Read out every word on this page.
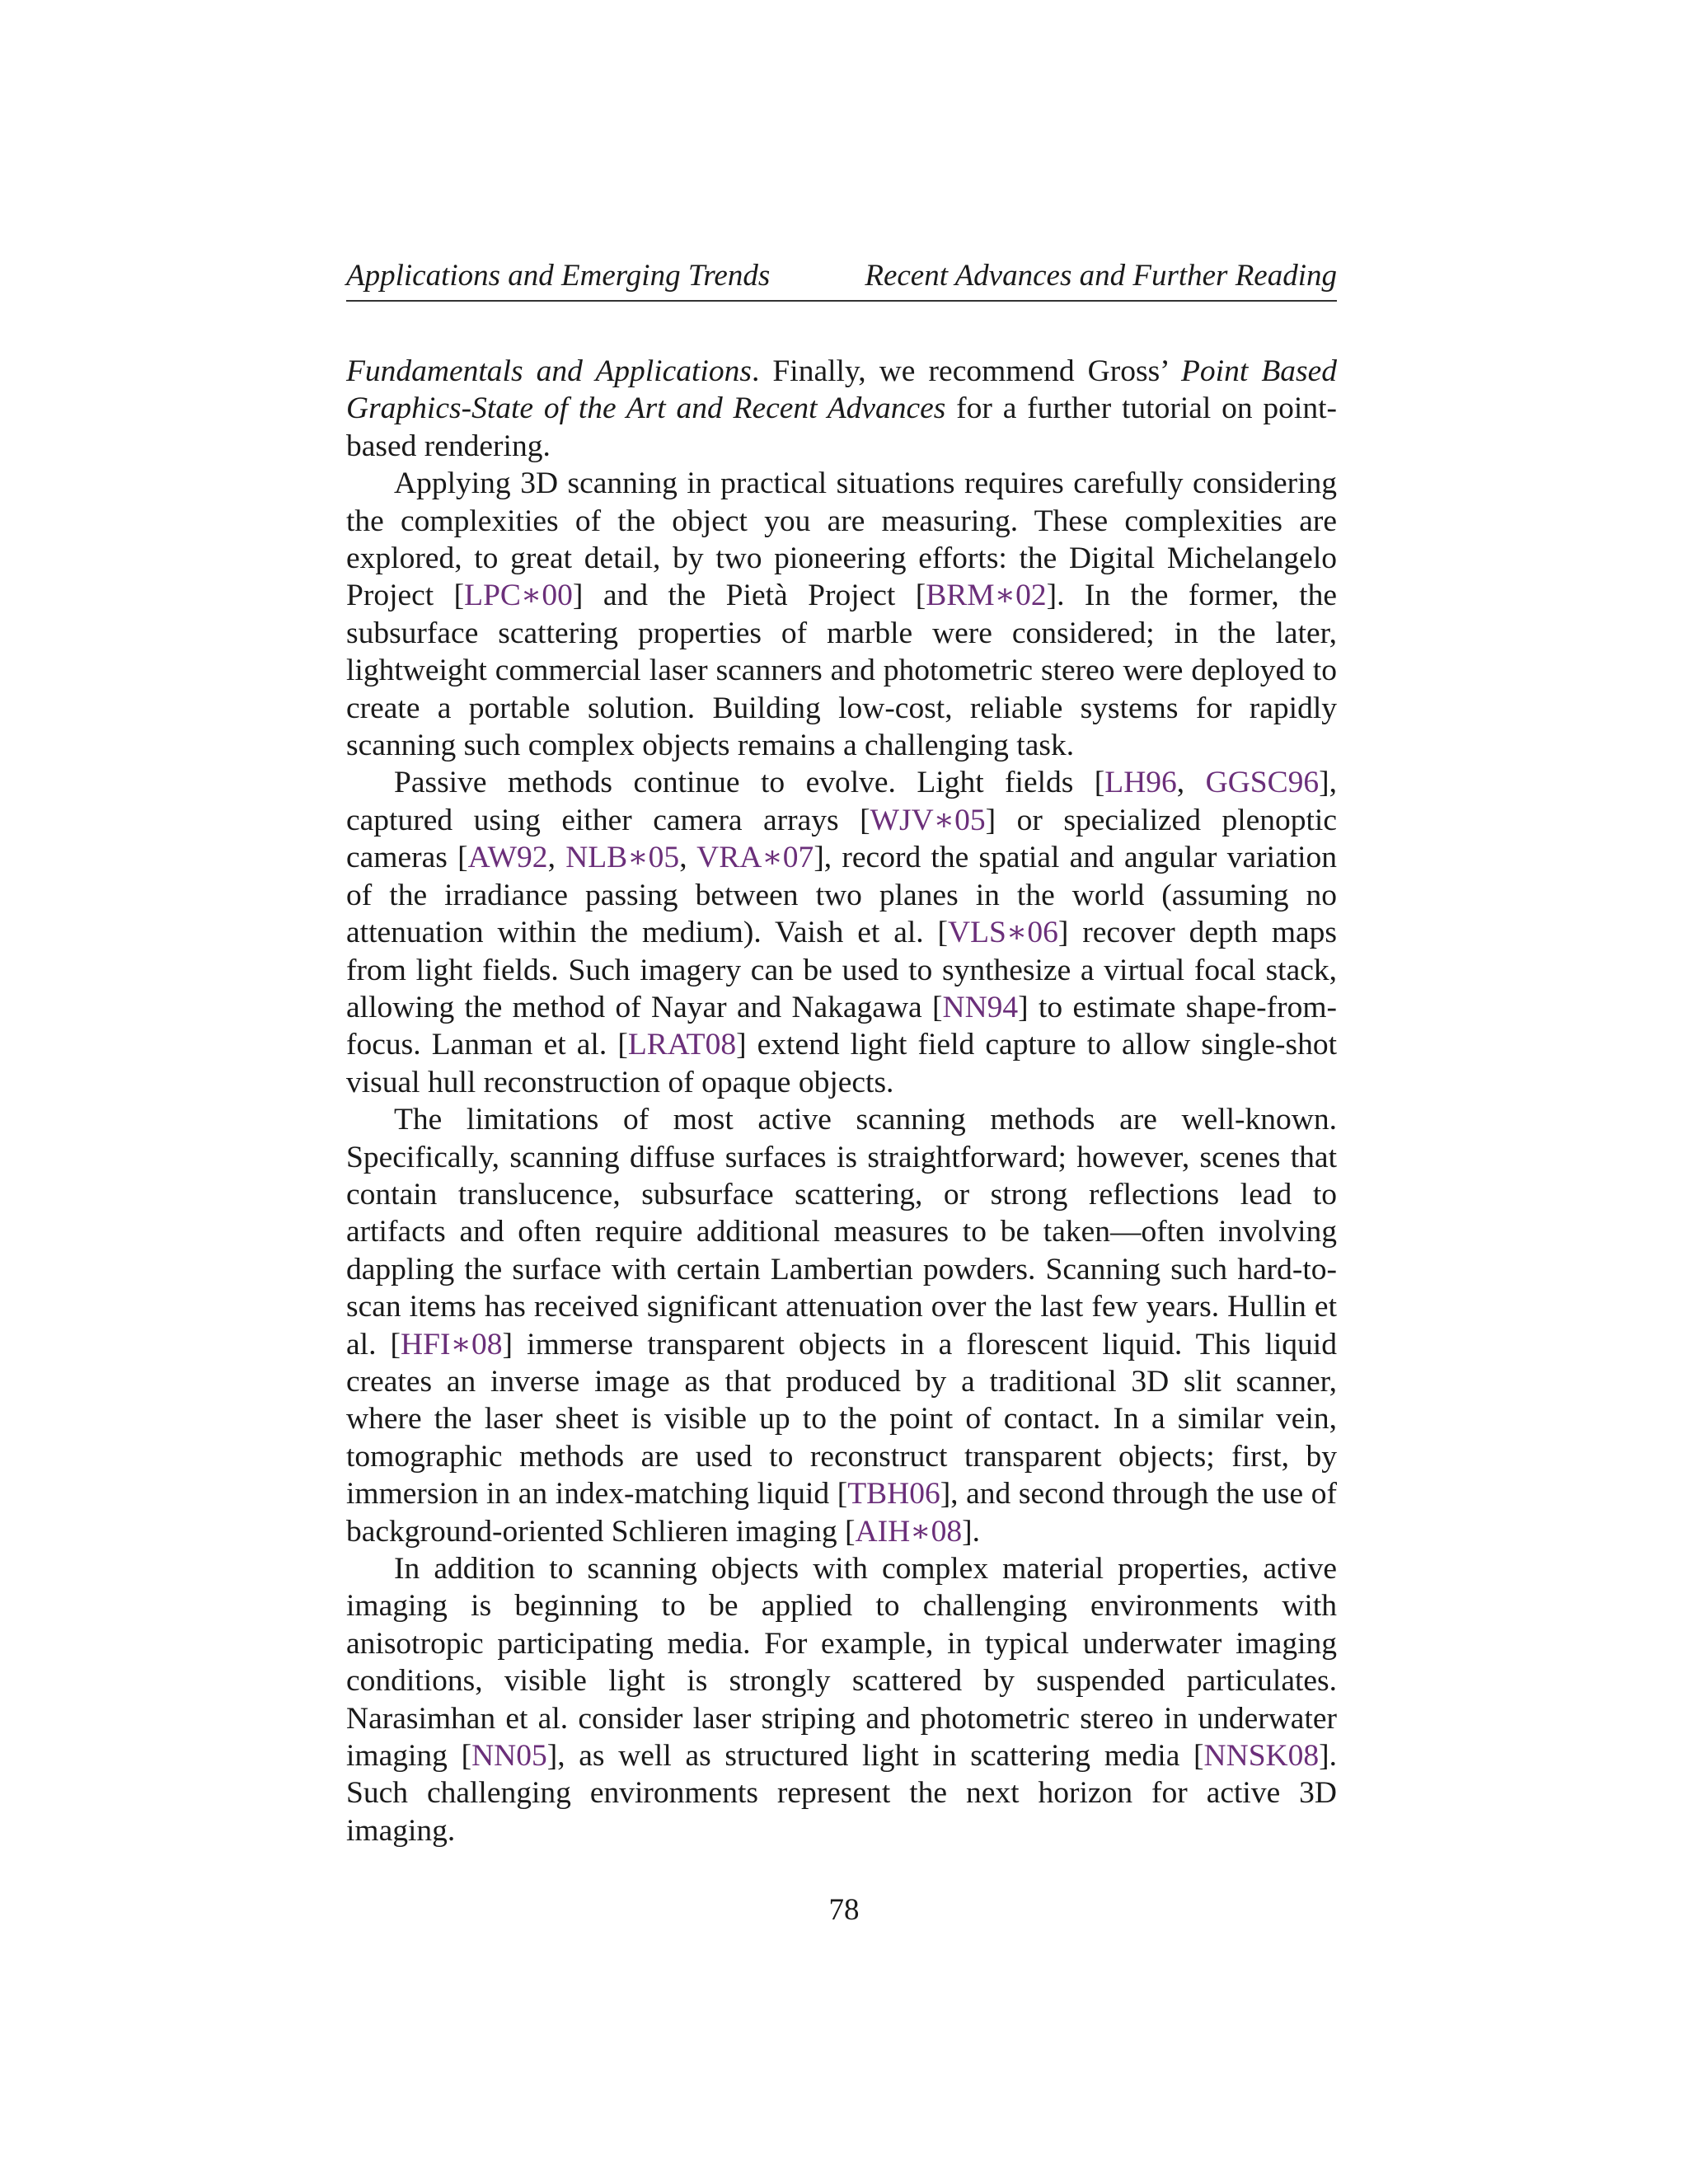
Applications and Emerging Trends	Recent Advances and Further Reading

Fundamentals and Applications. Finally, we recommend Gross’ Point Based Graphics-State of the Art and Recent Advances for a further tutorial on point-based rendering.

Applying 3D scanning in practical situations requires carefully considering the complexities of the object you are measuring. These complexities are explored, to great detail, by two pioneering efforts: the Digital Michelangelo Project [LPC∗00] and the Pietà Project [BRM∗02]. In the former, the subsurface scattering properties of marble were considered; in the later, lightweight commercial laser scanners and photometric stereo were deployed to create a portable solution. Building low-cost, reliable systems for rapidly scanning such complex objects remains a challenging task.

Passive methods continue to evolve. Light fields [LH96, GGSC96], captured using either camera arrays [WJV∗05] or specialized plenoptic cameras [AW92, NLB∗05, VRA∗07], record the spatial and angular variation of the irradiance passing between two planes in the world (assuming no attenuation within the medium). Vaish et al. [VLS∗06] recover depth maps from light fields. Such imagery can be used to synthesize a virtual focal stack, allowing the method of Nayar and Nakagawa [NN94] to estimate shape-from-focus. Lanman et al. [LRAT08] extend light field capture to allow single-shot visual hull reconstruction of opaque objects.

The limitations of most active scanning methods are well-known. Specifically, scanning diffuse surfaces is straightforward; however, scenes that contain translucence, subsurface scattering, or strong reflections lead to artifacts and often require additional measures to be taken—often involving dappling the surface with certain Lambertian powders. Scanning such hard-to-scan items has received significant attenuation over the last few years. Hullin et al. [HFI∗08] immerse transparent objects in a florescent liquid. This liquid creates an inverse image as that produced by a traditional 3D slit scanner, where the laser sheet is visible up to the point of contact. In a similar vein, tomographic methods are used to reconstruct transparent objects; first, by immersion in an index-matching liquid [TBH06], and second through the use of background-oriented Schlieren imaging [AIH∗08].

In addition to scanning objects with complex material properties, active imaging is beginning to be applied to challenging environments with anisotropic participating media. For example, in typical underwater imaging conditions, visible light is strongly scattered by suspended particulates. Narasimhan et al. consider laser striping and photometric stereo in underwater imaging [NN05], as well as structured light in scattering media [NNSK08]. Such challenging environments represent the next horizon for active 3D imaging.

78
